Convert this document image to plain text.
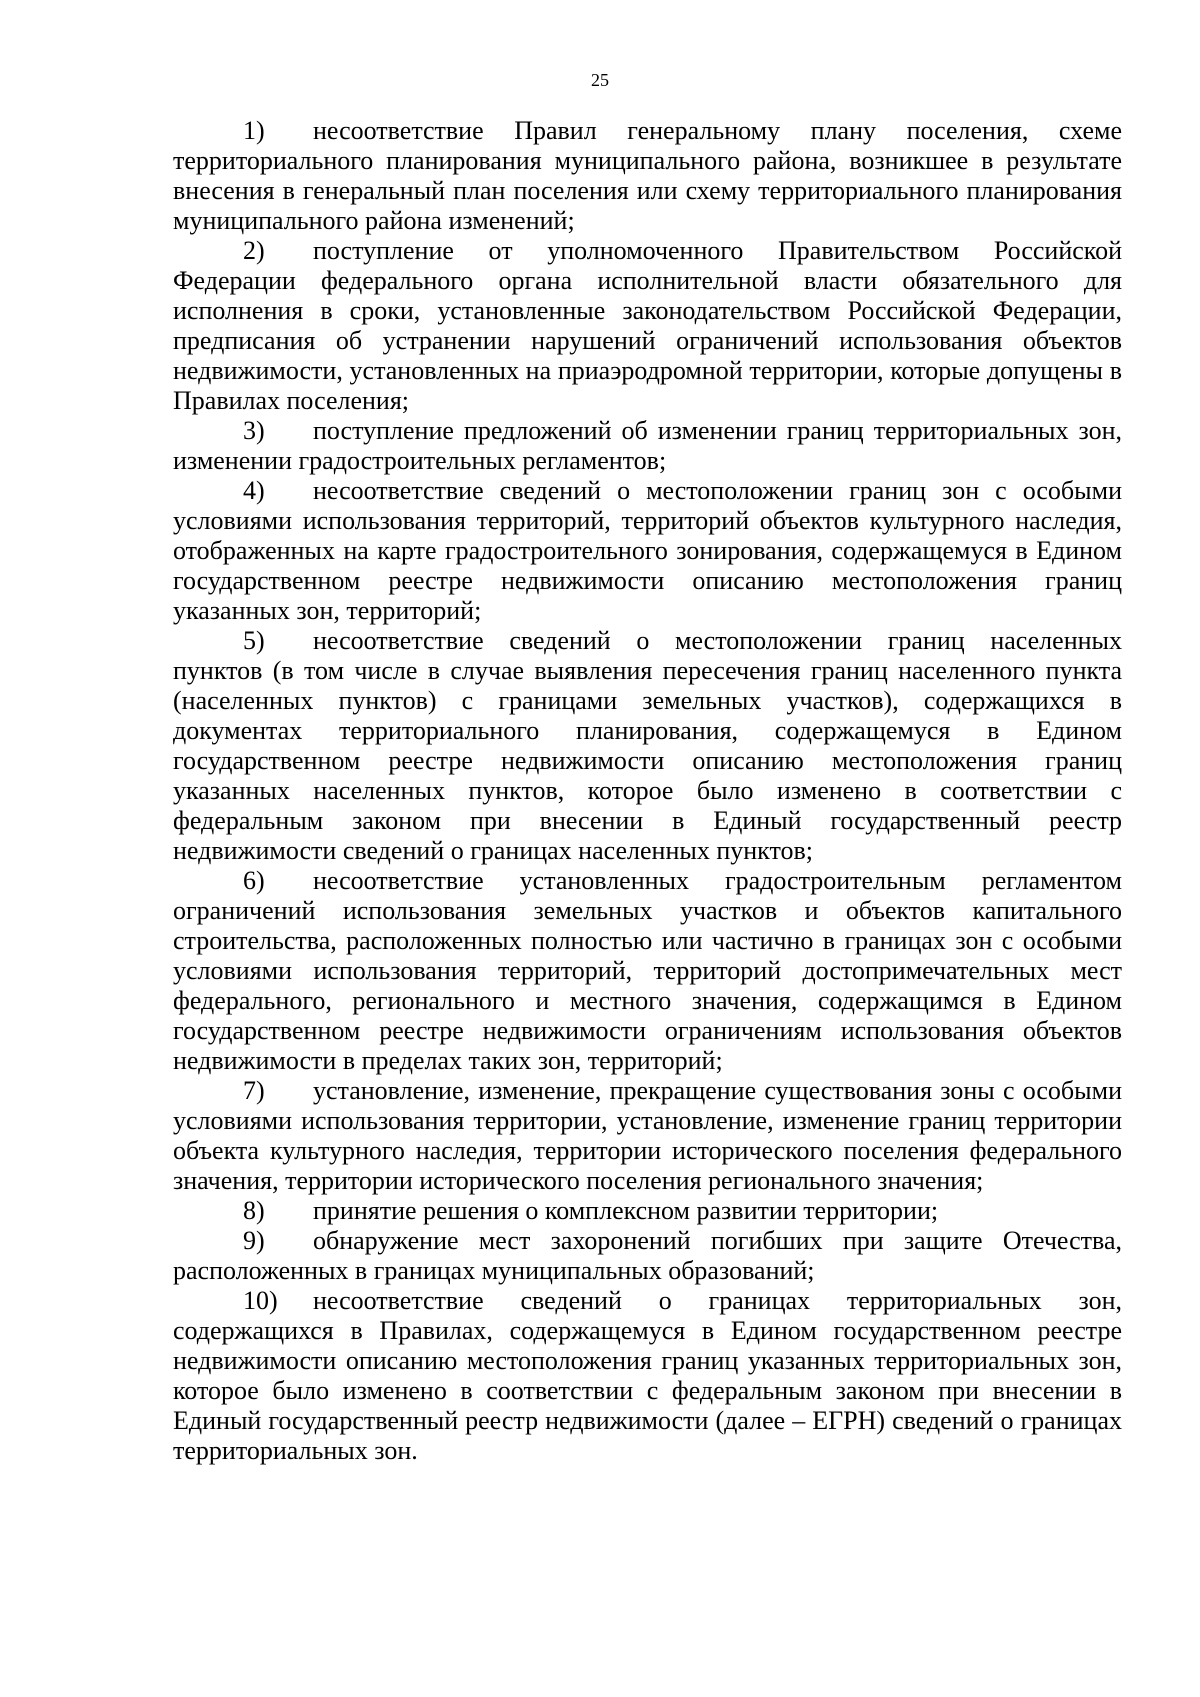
25

1) несоответствие Правил генеральному плану поселения, схеме территориального планирования муниципального района, возникшее в результате внесения в генеральный план поселения или схему территориального планирования муниципального района изменений;

2) поступление от уполномоченного Правительством Российской Федерации федерального органа исполнительной власти обязательного для исполнения в сроки, установленные законодательством Российской Федерации, предписания об устранении нарушений ограничений использования объектов недвижимости, установленных на приаэродромной территории, которые допущены в Правилах поселения;

3) поступление предложений об изменении границ территориальных зон, изменении градостроительных регламентов;

4) несоответствие сведений о местоположении границ зон с особыми условиями использования территорий, территорий объектов культурного наследия, отображенных на карте градостроительного зонирования, содержащемуся в Едином государственном реестре недвижимости описанию местоположения границ указанных зон, территорий;

5) несоответствие сведений о местоположении границ населенных пунктов (в том числе в случае выявления пересечения границ населенного пункта (населенных пунктов) с границами земельных участков), содержащихся в документах территориального планирования, содержащемуся в Едином государственном реестре недвижимости описанию местоположения границ указанных населенных пунктов, которое было изменено в соответствии с федеральным законом при внесении в Единый государственный реестр недвижимости сведений о границах населенных пунктов;

6) несоответствие установленных градостроительным регламентом ограничений использования земельных участков и объектов капитального строительства, расположенных полностью или частично в границах зон с особыми условиями использования территорий, территорий достопримечательных мест федерального, регионального и местного значения, содержащимся в Едином государственном реестре недвижимости ограничениям использования объектов недвижимости в пределах таких зон, территорий;

7) установление, изменение, прекращение существования зоны с особыми условиями использования территории, установление, изменение границ территории объекта культурного наследия, территории исторического поселения федерального значения, территории исторического поселения регионального значения;

8) принятие решения о комплексном развитии территории;

9) обнаружение мест захоронений погибших при защите Отечества, расположенных в границах муниципальных образований;

10) несоответствие сведений о границах территориальных зон, содержащихся в Правилах, содержащемуся в Едином государственном реестре недвижимости описанию местоположения границ указанных территориальных зон, которое было изменено в соответствии с федеральным законом при внесении в Единый государственный реестр недвижимости (далее – ЕГРН) сведений о границах территориальных зон.
